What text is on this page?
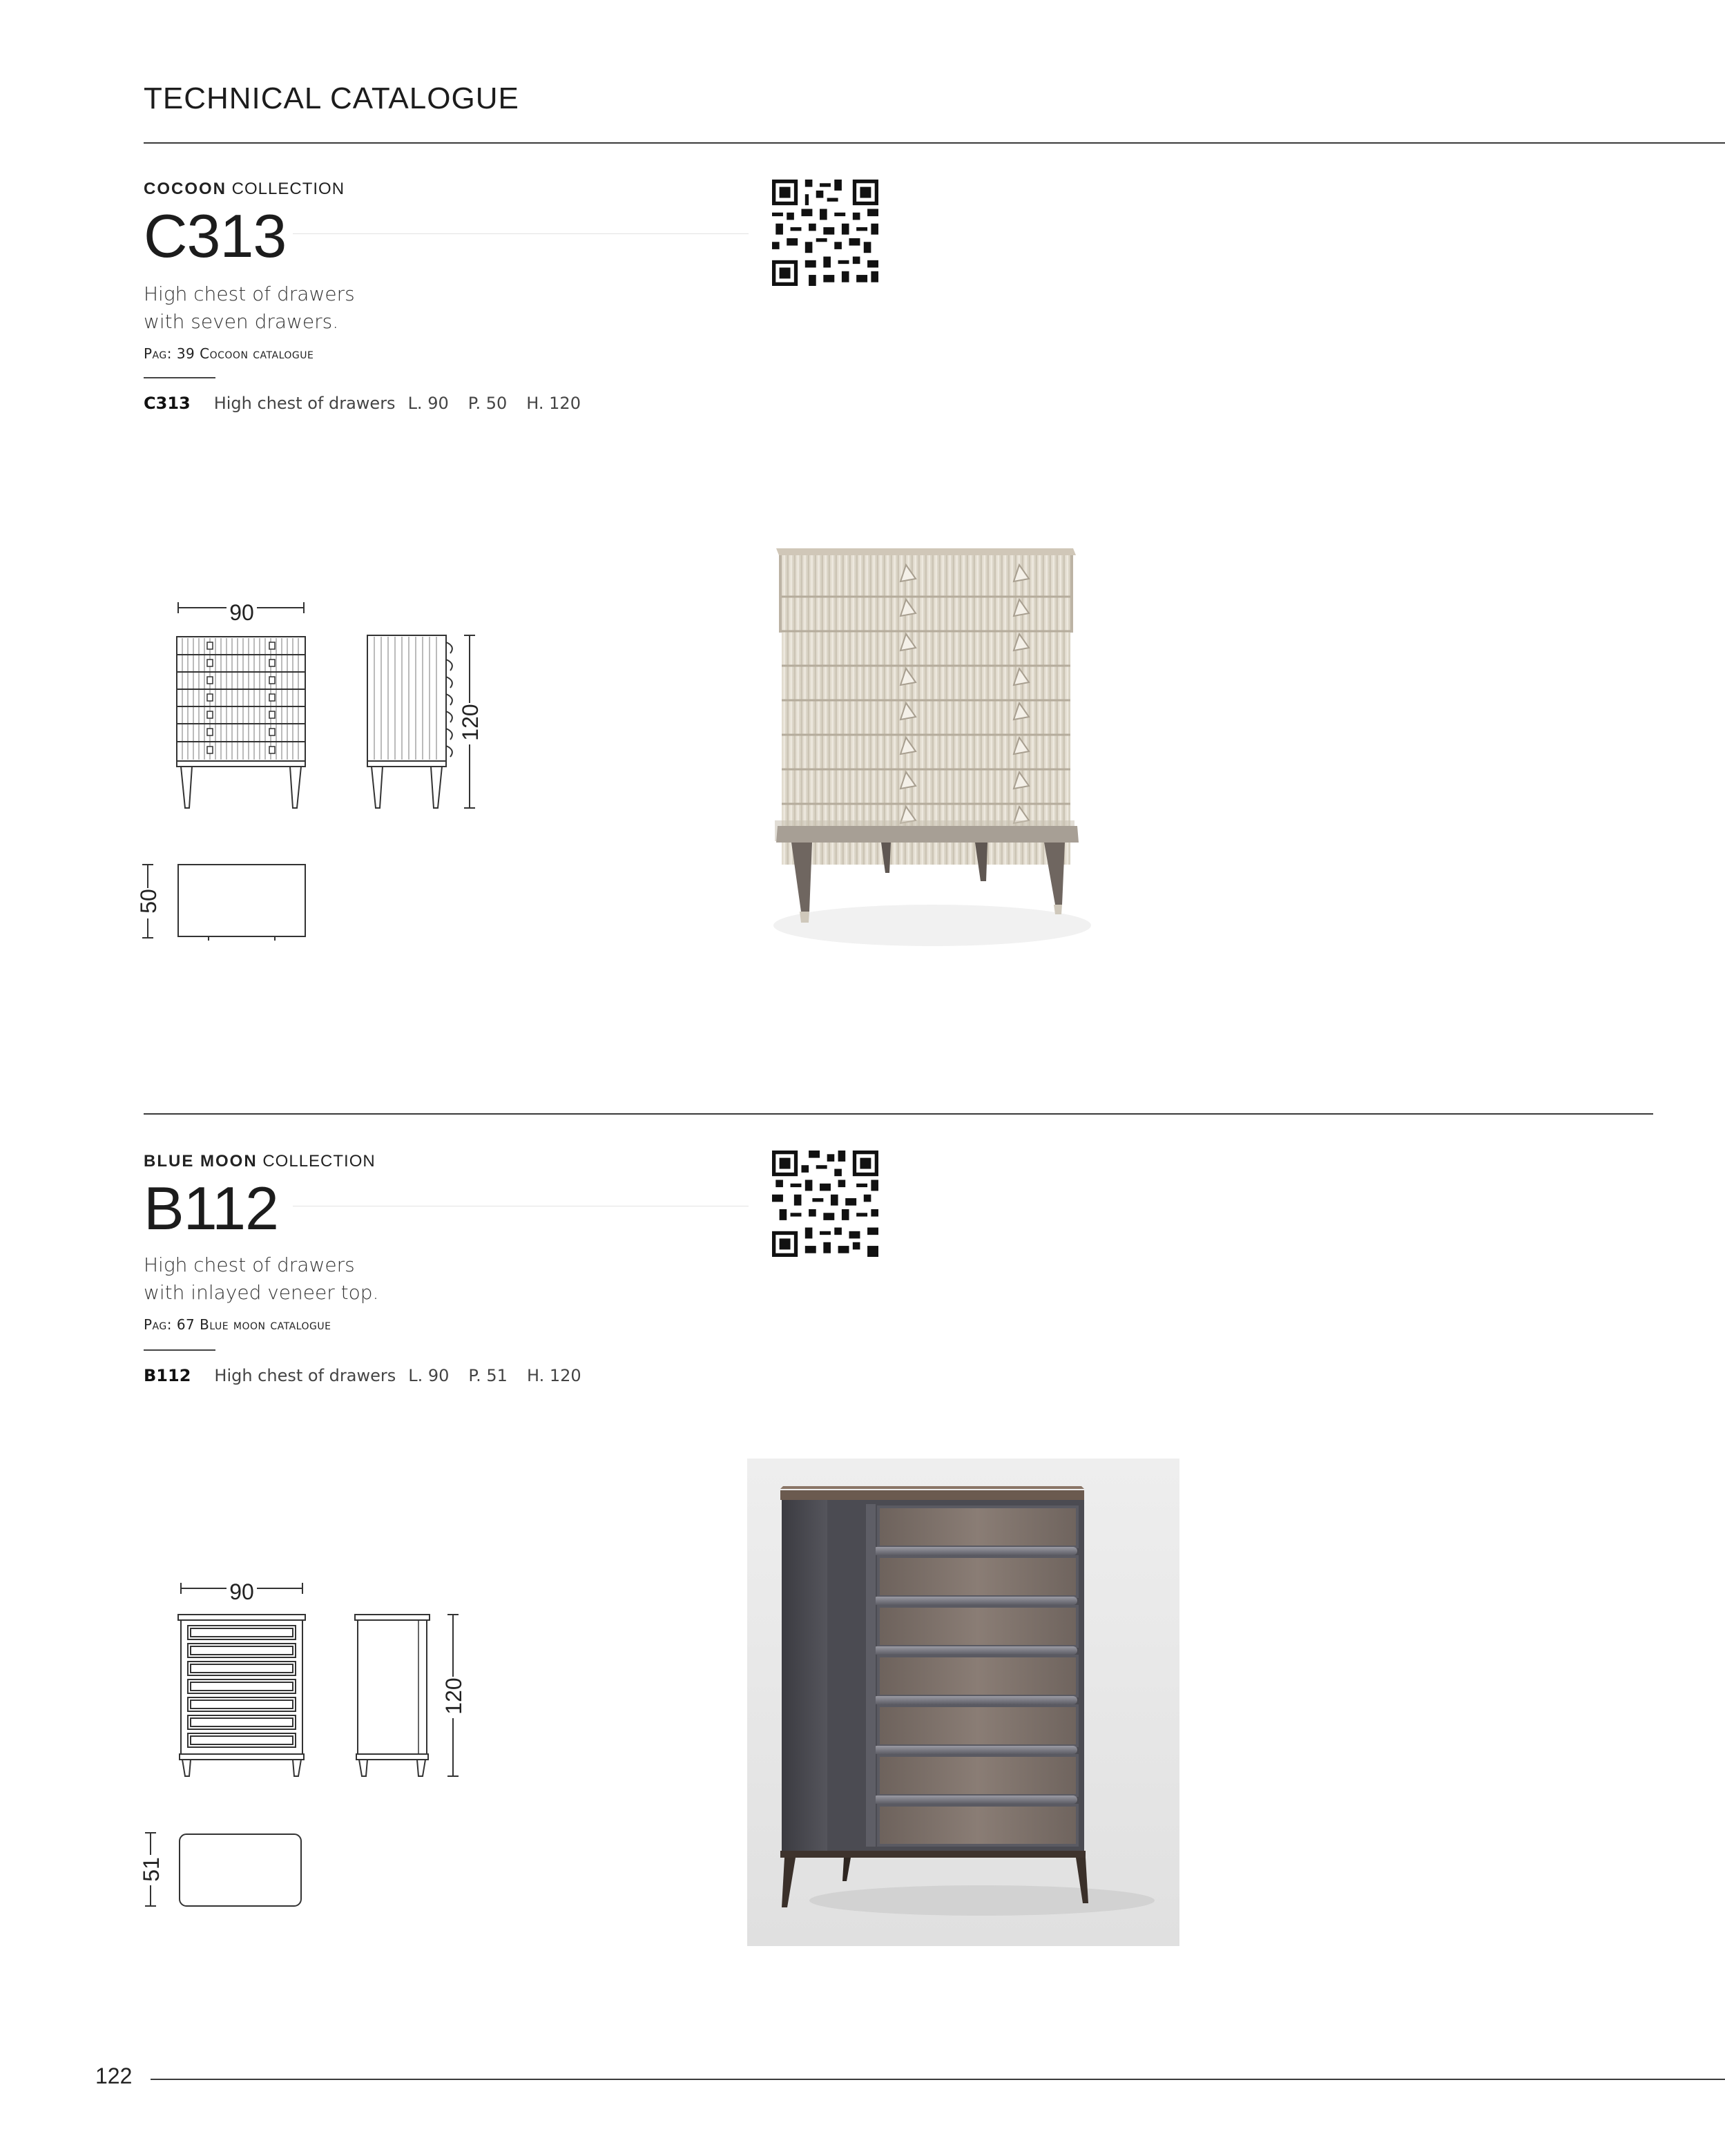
TECHNICAL CATALOGUE
COCOON COLLECTION
C313
High chest of drawers
with seven drawers.
Pag: 39 Cocoon catalogue
C313 High chest of drawers L. 90 P. 50 H. 120
90
120
50
BLUE MOON COLLECTION
B112
High chest of drawers
with inlayed veneer top.
Pag: 67 Blue moon catalogue
B112 High chest of drawers L. 90 P. 51 H. 120
90
120
51
122
